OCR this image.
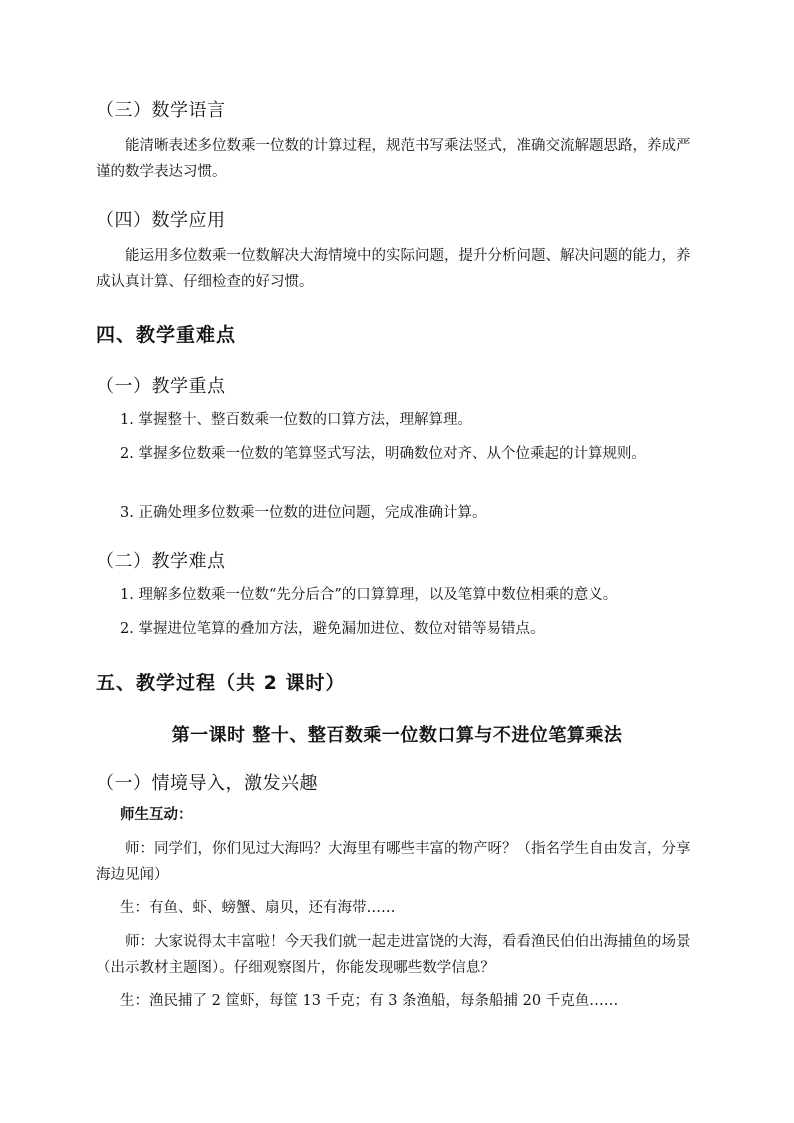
（三）数学语言
能清晰表述多位数乘一位数的计算过程，规范书写乘法竖式，准确交流解题思路，养成严谨的数学表达习惯。
（四）数学应用
能运用多位数乘一位数解决大海情境中的实际问题，提升分析问题、解决问题的能力，养成认真计算、仔细检查的好习惯。
四、教学重难点
（一）教学重点
1. 掌握整十、整百数乘一位数的口算方法，理解算理。
2. 掌握多位数乘一位数的笔算竖式写法，明确数位对齐、从个位乘起的计算规则。
3. 正确处理多位数乘一位数的进位问题，完成准确计算。
（二）教学难点
1. 理解多位数乘一位数“先分后合”的口算算理，以及笔算中数位相乘的意义。
2. 掌握进位笔算的叠加方法，避免漏加进位、数位对错等易错点。
五、教学过程（共 2 课时）
第一课时 整十、整百数乘一位数口算与不进位笔算乘法
（一）情境导入，激发兴趣
师生互动：
师：同学们，你们见过大海吗？大海里有哪些丰富的物产呀？（指名学生自由发言，分享海边见闻）
生：有鱼、虾、螃蟹、扇贝，还有海带……
师：大家说得太丰富啦！今天我们就一起走进富饶的大海，看看渔民伯伯出海捕鱼的场景（出示教材主题图）。仔细观察图片，你能发现哪些数学信息？
生：渔民捕了 2 筐虾，每筐 13 千克；有 3 条渔船，每条船捕 20 千克鱼……
